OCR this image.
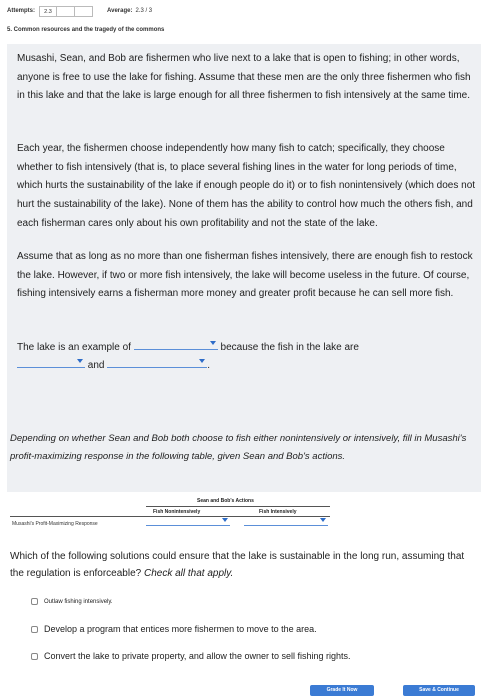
Attempts:	2.3	Average: 2.3 / 3
5. Common resources and the tragedy of the commons

Musashi, Sean, and Bob are fishermen who live next to a lake that is open to fishing; in other words, anyone is free to use the lake for fishing. Assume that these men are the only three fishermen who fish in this lake and that the lake is large enough for all three fishermen to fish intensively at the same time.

Each year, the fishermen choose independently how many fish to catch; specifically, they choose whether to fish intensively (that is, to place several fishing lines in the water for long periods of time, which hurts the sustainability of the lake if enough people do it) or to fish nonintensively (which does not hurt the sustainability of the lake). None of them has the ability to control how much the others fish, and each fisherman cares only about his own profitability and not the state of the lake.

Assume that as long as no more than one fisherman fishes intensively, there are enough fish to restock the lake. However, if two or more fish intensively, the lake will become useless in the future. Of course, fishing intensively earns a fisherman more money and greater profit because he can sell more fish.

The lake is an example of	because the fish in the lake are
and	.
Depending on whether Sean and Bob both choose to fish either nonintensively or intensively, fill in Musashi's profit-maximizing response in the following table, given Sean and Bob's actions.
Sean and Bob's Actions
Fish Nonintensively	Fish Intensively
Musashi's Profit-Maximizing Response
Which of the following solutions could ensure that the lake is sustainable in the long run, assuming that the regulation is enforceable? Check all that apply.
Outlaw fishing intensively.
Develop a program that entices more fishermen to move to the area.
Convert the lake to private property, and allow the owner to sell fishing rights.
Grade It Now	Save & Continue
